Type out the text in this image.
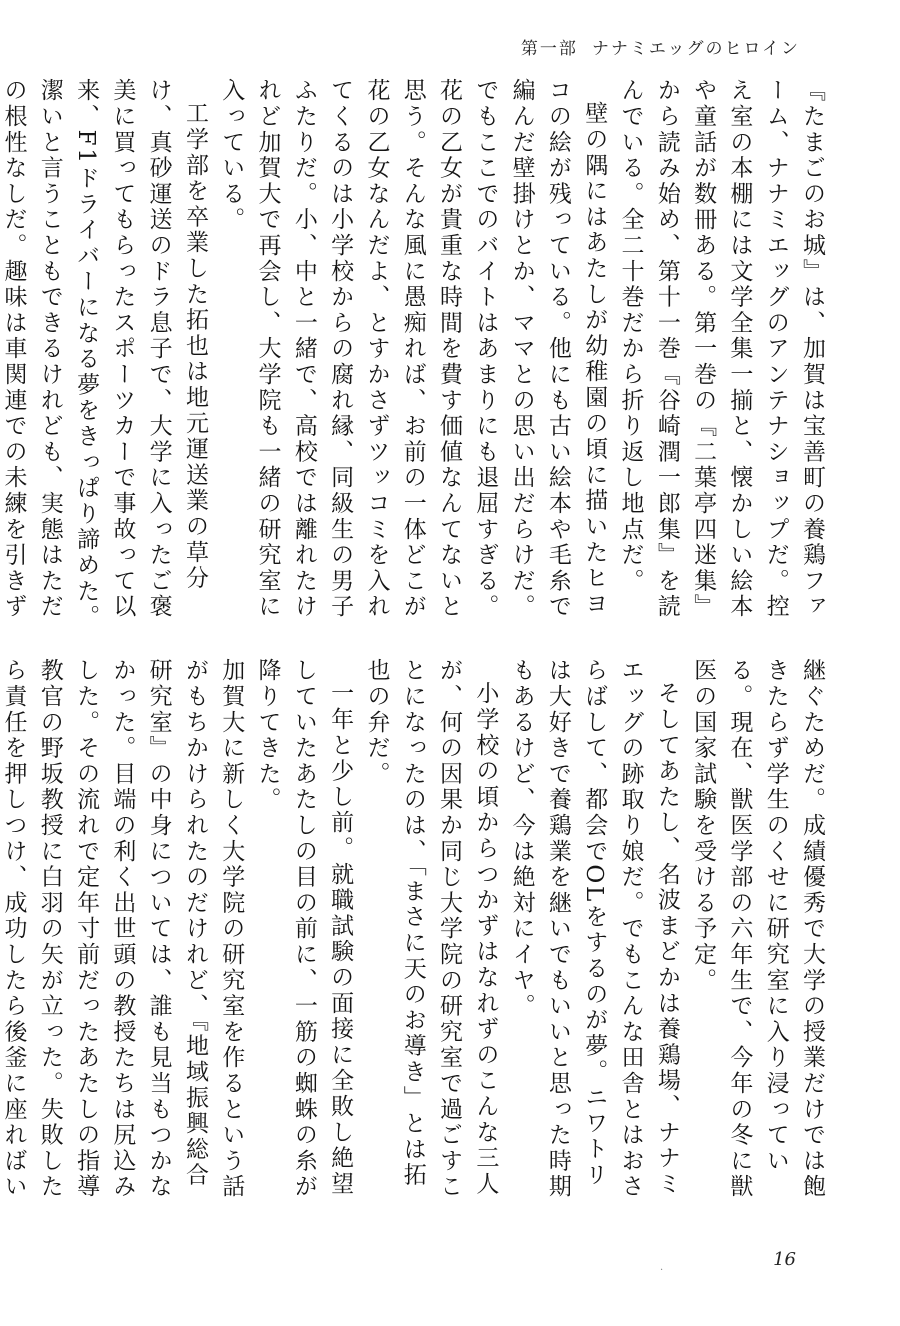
第一部 ナナミエッグのヒロイン

『たまごのお城』は、加賀は宝善町の養鶏ファーム、ナナミエッグのアンテナショップだ。控え室の本棚には文学全集一揃と、懐かしい絵本や童話が数冊ある。第一巻の『二葉亭四迷集』から読み始め、第十一巻『谷崎潤一郎集』を読んでいる。全二十巻だから折り返し地点だ。

壁の隅にはあたしが幼稚園の頃に描いたヒヨコの絵が残っている。他にも古い絵本や毛糸で編んだ壁掛けとか、ママとの思い出だらけだ。でもここでのバイトはあまりにも退屈すぎる。花の乙女が貴重な時間を費す価値なんてないと思う。そんな風に愚痴れば、お前の一体どこが花の乙女なんだよ、とすかさずツッコミを入れてくるのは小学校からの腐れ縁、同級生の男子ふたりだ。小、中と一緒で、高校では離れたけれど加賀大で再会し、大学院も一緒の研究室に入っている。

工学部を卒業した拓也は地元運送業の草分け、真砂運送のドラ息子で、大学に入ったご褒美に買ってもらったスポーツカーで事故って以来、F1ドライバーになる夢をきっぱり諦めた。潔いと言うこともできるけれども、実態はただの根性なしだ。趣味は車関連での未練を引きず

継ぐためだ。成績優秀で大学の授業だけでは飽きたらず学生のくせに研究室に入り浸っている。現在、獣医学部の六年生で、今年の冬に獣医の国家試験を受ける予定。

そしてあたし、名波まどかは養鶏場、ナナミエッグの跡取り娘だ。でもこんな田舎とはおさらばして、都会でOLをするのが夢。ニワトリは大好きで養鶏業を継いでもいいと思った時期もあるけど、今は絶対にイヤ。

小学校の頃からつかずはなれずのこんな三人が、何の因果か同じ大学院の研究室で過ごすことになったのは、「まさに天のお導き」とは拓也の弁だ。

一年と少し前。就職試験の面接に全敗し絶望していたあたしの目の前に、一筋の蜘蛛の糸が降りてきた。

加賀大に新しく大学院の研究室を作るという話がもちかけられたのだけれど、『地域振興総合研究室』の中身については、誰も見当もつかなかった。目端の利く出世頭の教授たちは尻込みした。その流れで定年寸前だったあたしの指導教官の野坂教授に白羽の矢が立った。失敗したら責任を押しつけ、成功したら後釜に座ればい

16
·
